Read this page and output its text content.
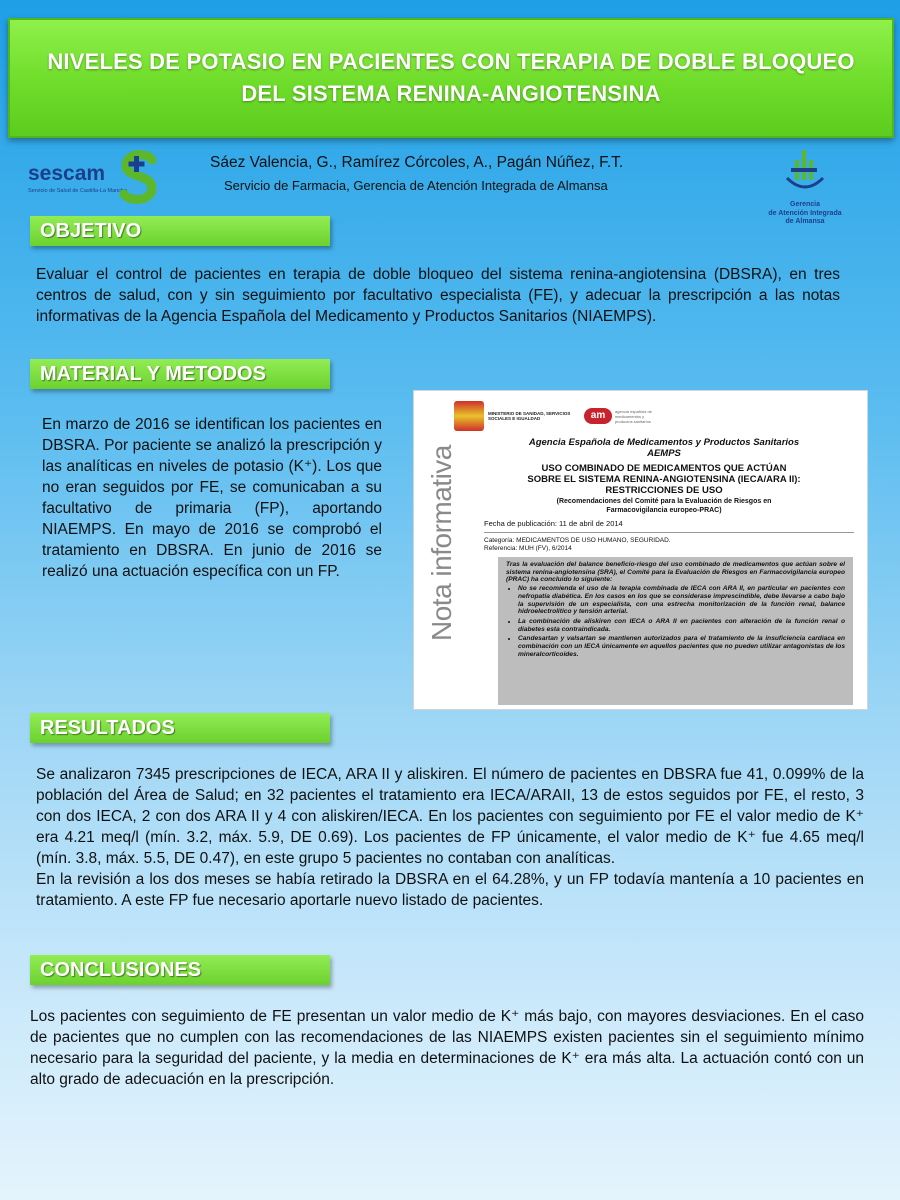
NIVELES DE POTASIO EN PACIENTES CON TERAPIA DE DOBLE BLOQUEO
DEL SISTEMA RENINA-ANGIOTENSINA
sescam
Servicio de Salud de Castilla-La Mancha
Sáez Valencia, G., Ramírez Córcoles, A., Pagán Núñez, F.T.
Servicio de Farmacia, Gerencia de Atención Integrada de Almansa
Gerencia
de Atención Integrada
de Almansa
OBJETIVO
Evaluar el control de pacientes en terapia de doble bloqueo del sistema renina-angiotensina (DBSRA), en tres centros de salud, con y sin seguimiento por facultativo especialista (FE), y adecuar la prescripción a las notas informativas de la Agencia Española del Medicamento y Productos Sanitarios (NIAEMPS).
MATERIAL Y METODOS
En marzo de 2016 se identifican los pacientes en DBSRA. Por paciente se analizó la prescripción y las analíticas en niveles de potasio (K⁺). Los que no eran seguidos por FE, se comunicaban a su facultativo de primaria (FP), aportando NIAEMPS. En mayo de 2016 se comprobó el tratamiento en DBSRA. En junio de 2016 se realizó una actuación específica con un FP.
MINISTERIO DE SANIDAD, SERVICIOS SOCIALES E IGUALDAD	am	agencia española de medicamentos y productos sanitarios
Nota informativa
Agencia Española de Medicamentos y Productos Sanitarios
AEMPS
USO COMBINADO DE MEDICAMENTOS QUE ACTÚAN
SOBRE EL SISTEMA RENINA-ANGIOTENSINA (IECA/ARA II):
RESTRICCIONES DE USO
(Recomendaciones del Comité para la Evaluación de Riesgos en
Farmacovigilancia europeo-PRAC)
Fecha de publicación: 11 de abril de 2014
Categoría: MEDICAMENTOS DE USO HUMANO, SEGURIDAD.
Referencia: MUH (FV), 6/2014

Tras la evaluación del balance beneficio-riesgo del uso combinado de medicamentos que actúan sobre el sistema renina-angiotensina (SRA), el Comité para la Evaluación de Riesgos en Farmacovigilancia europeo (PRAC) ha concluido lo siguiente:

• No se recomienda el uso de la terapia combinada de IECA con ARA II, en particular en pacientes con nefropatía diabética. En los casos en los que se considerase imprescindible, debe llevarse a cabo bajo la supervisión de un especialista, con una estrecha monitorización de la función renal, balance hidroelectrolítico y tensión arterial.
• La combinación de aliskiren con IECA o ARA II en pacientes con alteración de la función renal o diabetes esta contraindicada.
• Candesartan y valsartan se mantienen autorizados para el tratamiento de la insuficiencia cardiaca en combinación con un IECA únicamente en aquellos pacientes que no pueden utilizar antagonistas de los mineralcorticoides.
RESULTADOS
Se analizaron 7345 prescripciones de IECA, ARA II y aliskiren. El número de pacientes en DBSRA fue 41, 0.099% de la población del Área de Salud; en 32 pacientes el tratamiento era IECA/ARAII, 13 de estos seguidos por FE, el resto, 3 con dos IECA, 2 con dos ARA II y 4 con aliskiren/IECA. En los pacientes con seguimiento por FE el valor medio de K⁺ era 4.21 meq/l (mín. 3.2, máx. 5.9, DE 0.69). Los pacientes de FP únicamente, el valor medio de K⁺ fue 4.65 meq/l (mín. 3.8, máx. 5.5, DE 0.47), en este grupo 5 pacientes no contaban con analíticas.
En la revisión a los dos meses se había retirado la DBSRA en el 64.28%, y un FP todavía mantenía a 10 pacientes en tratamiento. A este FP fue necesario aportarle nuevo listado de pacientes.
CONCLUSIONES
Los pacientes con seguimiento de FE presentan un valor medio de K⁺ más bajo, con mayores desviaciones. En el caso de pacientes que no cumplen con las recomendaciones de las NIAEMPS existen pacientes sin el seguimiento mínimo necesario para la seguridad del paciente, y la media en determinaciones de K⁺ era más alta. La actuación contó con un alto grado de adecuación en la prescripción.
